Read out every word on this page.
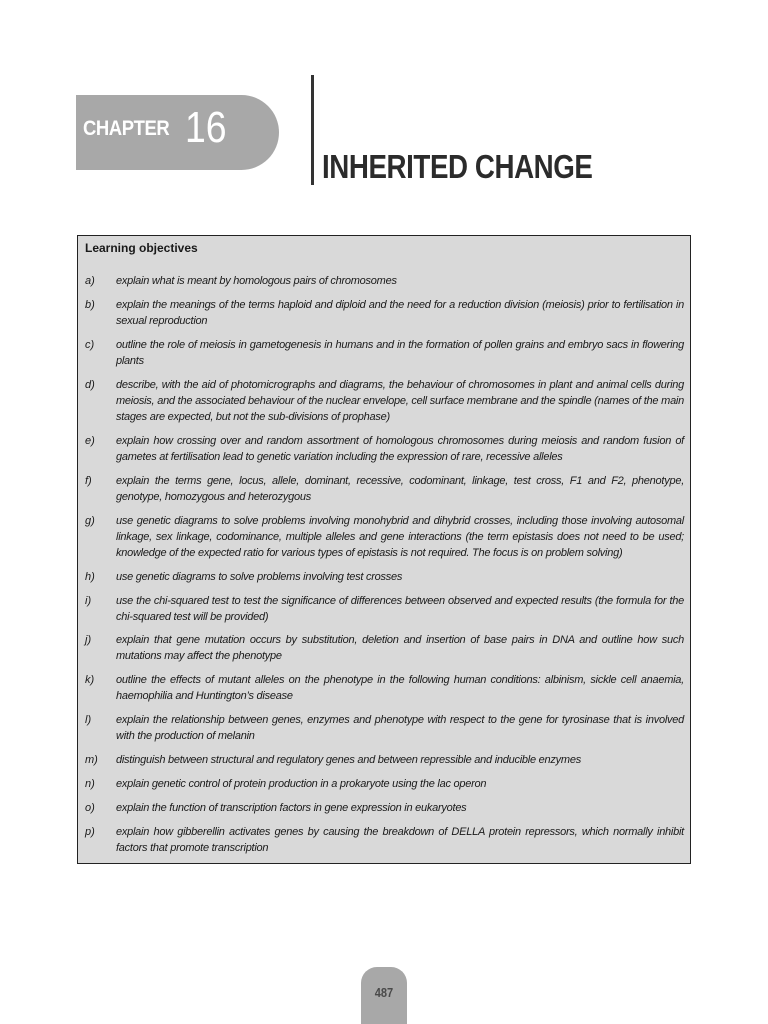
CHAPTER 16
INHERITED CHANGE
Learning objectives
a) explain what is meant by homologous pairs of chromosomes
b) explain the meanings of the terms haploid and diploid and the need for a reduction division (meiosis) prior to fertilisation in sexual reproduction
c) outline the role of meiosis in gametogenesis in humans and in the formation of pollen grains and embryo sacs in flowering plants
d) describe, with the aid of photomicrographs and diagrams, the behaviour of chromosomes in plant and animal cells during meiosis, and the associated behaviour of the nuclear envelope, cell surface membrane and the spindle (names of the main stages are expected, but not the sub-divisions of prophase)
e) explain how crossing over and random assortment of homologous chromosomes during meiosis and random fusion of gametes at fertilisation lead to genetic variation including the expression of rare, recessive alleles
f) explain the terms gene, locus, allele, dominant, recessive, codominant, linkage, test cross, F1 and F2, phenotype, genotype, homozygous and heterozygous
g) use genetic diagrams to solve problems involving monohybrid and dihybrid crosses, including those involving autosomal linkage, sex linkage, codominance, multiple alleles and gene interactions (the term epistasis does not need to be used; knowledge of the expected ratio for various types of epistasis is not required. The focus is on problem solving)
h) use genetic diagrams to solve problems involving test crosses
i) use the chi-squared test to test the significance of differences between observed and expected results (the formula for the chi-squared test will be provided)
j) explain that gene mutation occurs by substitution, deletion and insertion of base pairs in DNA and outline how such mutations may affect the phenotype
k) outline the effects of mutant alleles on the phenotype in the following human conditions: albinism, sickle cell anaemia, haemophilia and Huntington’s disease
l) explain the relationship between genes, enzymes and phenotype with respect to the gene for tyrosinase that is involved with the production of melanin
m) distinguish between structural and regulatory genes and between repressible and inducible enzymes
n) explain genetic control of protein production in a prokaryote using the lac operon
o) explain the function of transcription factors in gene expression in eukaryotes
p) explain how gibberellin activates genes by causing the breakdown of DELLA protein repressors, which normally inhibit factors that promote transcription
487
